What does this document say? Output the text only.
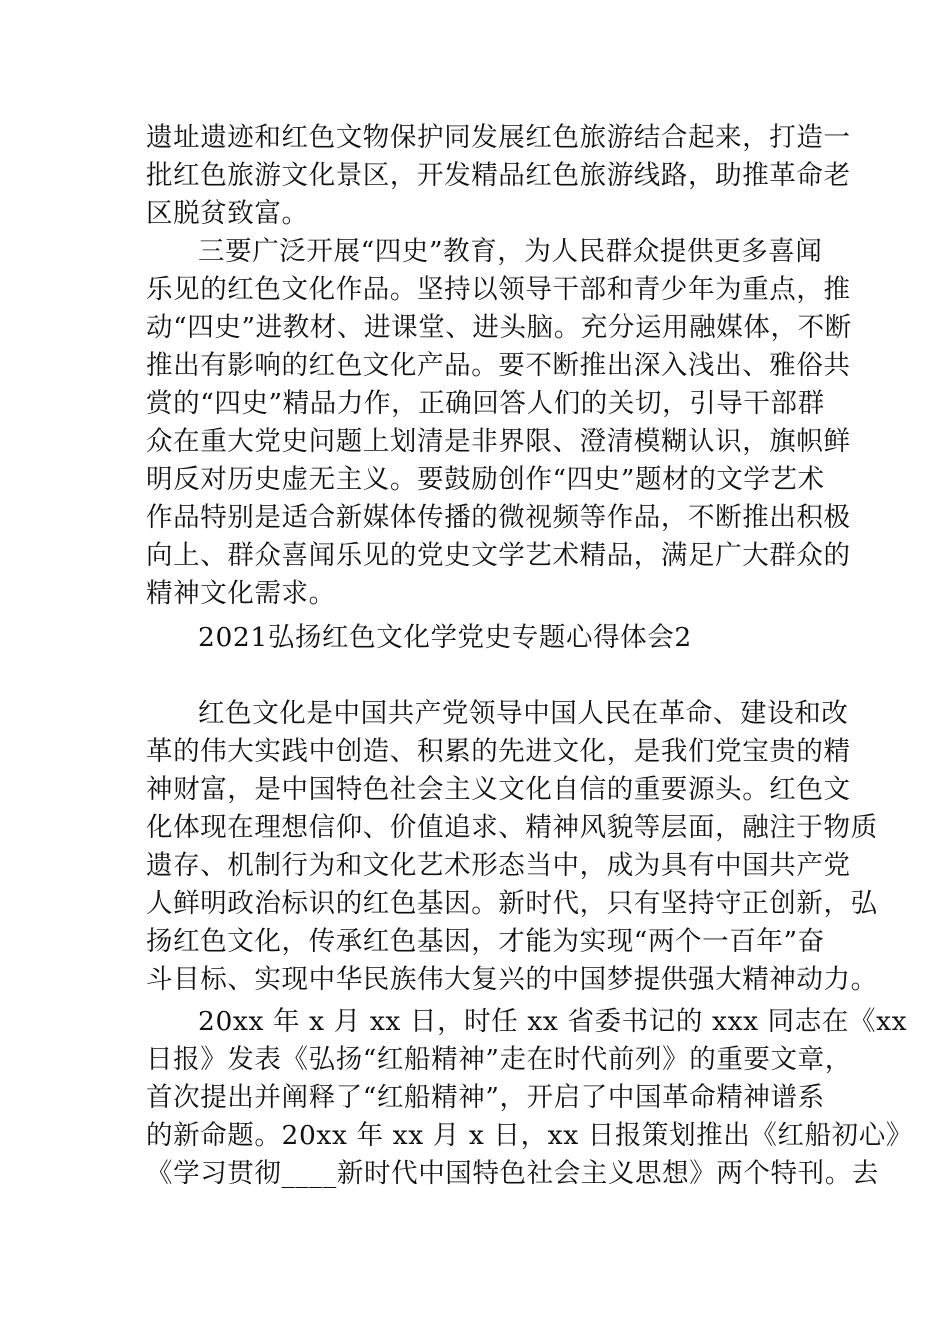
遗址遗迹和红色文物保护同发展红色旅游结合起来，打造一
批红色旅游文化景区，开发精品红色旅游线路，助推革命老
区脱贫致富。
三要广泛开展“四史”教育，为人民群众提供更多喜闻
乐见的红色文化作品。坚持以领导干部和青少年为重点，推
动“四史”进教材、进课堂、进头脑。充分运用融媒体，不断
推出有影响的红色文化产品。要不断推出深入浅出、雅俗共
赏的“四史”精品力作，正确回答人们的关切，引导干部群
众在重大党史问题上划清是非界限、澄清模糊认识，旗帜鲜
明反对历史虚无主义。要鼓励创作“四史”题材的文学艺术
作品特别是适合新媒体传播的微视频等作品，不断推出积极
向上、群众喜闻乐见的党史文学艺术精品，满足广大群众的
精神文化需求。
2021弘扬红色文化学党史专题心得体会2
红色文化是中国共产党领导中国人民在革命、建设和改
革的伟大实践中创造、积累的先进文化，是我们党宝贵的精
神财富，是中国特色社会主义文化自信的重要源头。红色文
化体现在理想信仰、价值追求、精神风貌等层面，融注于物质
遗存、机制行为和文化艺术形态当中，成为具有中国共产党
人鲜明政治标识的红色基因。新时代，只有坚持守正创新，弘
扬红色文化，传承红色基因，才能为实现“两个一百年”奋
斗目标、实现中华民族伟大复兴的中国梦提供强大精神动力。
20xx 年 x 月 xx 日，时任 xx 省委书记的 xxx 同志在《xx
日报》发表《弘扬“红船精神”走在时代前列》的重要文章，
首次提出并阐释了“红船精神”，开启了中国革命精神谱系
的新命题。20xx 年 xx 月 x 日，xx 日报策划推出《红船初心》
《学习贯彻____新时代中国特色社会主义思想》两个特刊。去
